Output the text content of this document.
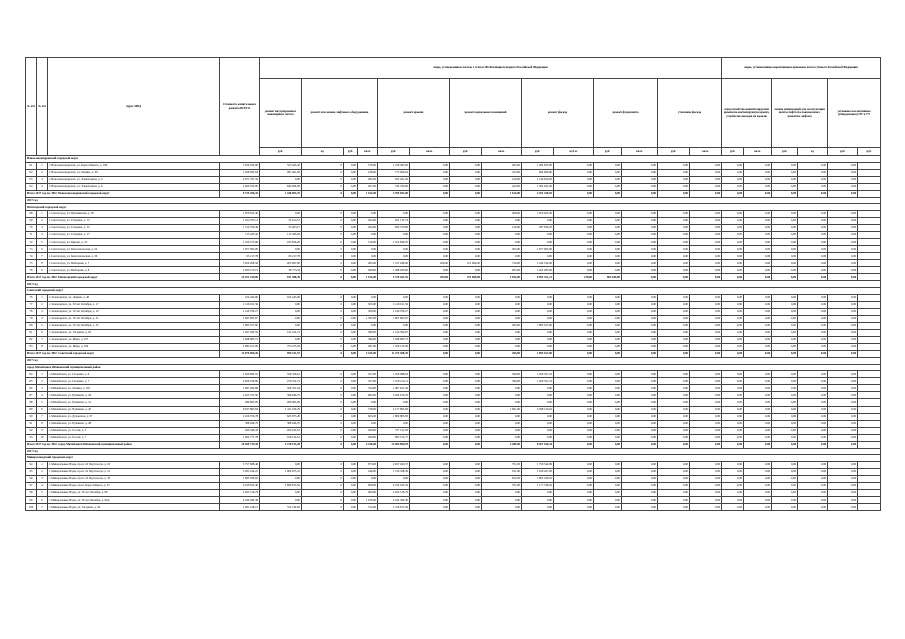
№ п/п	№ п/п	Адрес МКД	Стоимость капитального ремонта ВСЕГО	виды, установленные частью 1 статьи 166 Жилищного Кодекса Российской Федерации														виды, установленные нормативным правовым актом субъекта Российской Федерации						
				ремонт внутридомовых инженерных систем	ремонт или замена лифтового оборудования			ремонт крыши		ремонт подвальных помещений		ремонт фасада		ремонт фундамента		утепление фасада		переустройство невентилируемой крыши на вентилируемую крышу, устройство выходов на кровлю		замена непригодной для эксплуатации шахты лифта (во взаимосвязи с ремонтом лифтов)		установка коллективных (общедомовых) ПУ и УУ	
				руб.	ед.	руб.	кв.м.	руб.	кв.м.	руб.	кв.м.	руб.	куб.м.	руб.	кв.м.	руб.	кв.м.	руб.	кв.м.	руб.	ед.	руб.	руб.	
Новоалександровский городской округ																								
61	1	г. Новоалександровск, ул. Карла Маркса, д. 180	3 030 032,00	523 445,30	0	0,00	376,00	1 239 365,00	0,00	0,00	465,00	1 284 835,00	0,00	0,00	0,00	0,00	0,00	0,00	0,00	0,00	0,00	0,00		
62	2	г. Новоалександровск, ул. Ленина, д. 60	1 508 995,04	281 461,00	0	0,00	238,00	773 096,04	0,00	0,00	325,00	604 906,00	0,00	0,00	0,00	0,00	0,00	0,00	0,00	0,00	0,00	0,00		
63	3	г. Новоалександровск, ул. Элеваторная, д. 4	2 071 767,32	0,00	0	0,00	282,00	925 261,26	0,00	0,00	410,00	1 146 056,00	0,00	0,00	0,00	0,00	0,00	0,00	0,00	0,00	0,00	0,00		
64	4	г. Новоалександровск, ул. Элеваторная, д. 6	2 460 702,00	644 064,00	0	0,00	267,00	744 709,00	0,00	0,00	422,00	1 302 941,00	0,00	0,00	0,00	0,00	0,00	0,00	0,00	0,00	0,00	0,00		
Итого 2017 год по: МО: Новоалександровский городской округ			9 735 206,35	1 448 093,76	0	0,00	1 164,00	3 785 053,00	0,00	0,00	1 614,00	4 451 330,03	0,00	0,00	0,00	0,00	0,00	0,00	0,00	0,00	0,00	0,00		
2017 год																								
Пятигорский городской округ																								
68	1	г. Светлоград, ул. Пушкинская, д. 50	1 870 925,40	0,00	0	0,00	0,00	0,00	0,00	0,00	408,00	1 870 925,40	0,00	0,00	0,00	0,00	0,00	0,00	0,00	0,00	0,00	0,00		
69	2	г. Светлоград, ул. Гагарина, д. 13	1 104 793,11	53 614,57	0	0,00	294,00	951 135,74	0,00	0,00	0,00	0,00	0,00	0,00	0,00	0,00	0,00	0,00	0,00	0,00	0,00	0,00		
70	3	г. Светлоград, ул. Гагарина, д. 15	1 512 700,46	53 403,17	0	0,00	294,00	994 370,80	0,00	0,00	120,00	287 830,20	0,00	0,00	0,00	0,00	0,00	0,00	0,00	0,00	0,00	0,00		
71	4	г. Светлоград, ул. Гагарина, д. 17	115 443,42	115 443,42	0	0,00	0,00	0,00	0,00	0,00	0,00	0,00	0,00	0,00	0,00	0,00	0,00	0,00	0,00	0,00	0,00	0,00		
72	5	г. Светлоград, ул. Кирова, д. 23	1 320 373,06	245 826,20	0	0,00	316,00	1 102 846,70	0,00	0,00	0,00	0,00	0,00	0,00	0,00	0,00	0,00	0,00	0,00	0,00	0,00	0,00		
73	6	г. Светлоград, ул. Комсомольская, д. 22	1 677 993,00	0,00	0	0,00	0,00	0,00	0,00	0,00	405,00	1 677 993,00	0,00	0,00	0,00	0,00	0,00	0,00	0,00	0,00	0,00	0,00		
74	7	г. Светлоград, ул. Комсомольская, д. 36	63 217,78	63 217,78	0	0,00	0,00	0,00	0,00	0,00	0,00	0,00	0,00	0,00	0,00	0,00	0,00	0,00	0,00	0,00	0,00	0,00		
75	8	г. Светлоград, ул. Выборная, д. 7	3 050 208,56	263 697,00	0	0,00	485,00	1 317 048,00	209,00	471 669,00	720,00	1 434 532,00	0,00	0,00	0,00	0,00	0,00	0,00	0,00	0,00	0,00	0,00		
76	9	г. Светлоград, ул. Выборная, д. 8	2 950 115,15	39 773,34	0	0,00	499,00	1 488 200,00	0,00	0,00	405,00	1 422 285,00	0,00	0,00	0,00	0,00	0,00	0,00	0,00	0,00	0,00	0,00		
Итого 2017 год по: МО: Пятигорский городской округ			14 101 239,09	931 388,39	0	0,00	1 914,00	5 726 261,92	209,00	471 669,00	2 032,00	6 993 321,21	278,00	604 649,00	0,00	0,00	0,00	0,00	0,00	0,00	0,00	0,00		
2017 год																								
Советский городской округ																								
76	1	г. Зеленокумск, ул. Ленина, д. 40	104 443,00	104 443,00	0	0,00	0,00	0,00	0,00	0,00	0,00	0,00	0,00	0,00	0,00	0,00	0,00	0,00	0,00	0,00	0,00	0,00		
77	2	г. Зеленокумск, ул. 50 лет Октября, д. 17	1 126 011,56	0,00	0	0,00	303,00	1 126 011,56	0,00	0,00	0,00	0,00	0,00	0,00	0,00	0,00	0,00	0,00	0,00	0,00	0,00	0,00		
78	3	г. Зеленокумск, ул. 50 лет Октября, д. 19	1 140 709,27	0,00	0	0,00	309,00	1 140 709,27	0,00	0,00	0,00	0,00	0,00	0,00	0,00	0,00	0,00	0,00	0,00	0,00	0,00	0,00		
79	4	г. Зеленокумск, ул. 50 лет Октября, д. 21	1 697 665,87	0,00	0	0,00	1 395,00	1 697 665,87	0,00	0,00	0,00	0,00	0,00	0,00	0,00	0,00	0,00	0,00	0,00	0,00	0,00	0,00		
80	5	г. Зеленокумск, ул. 50 лет Октября, д. 35	1 895 167,60	0,00	0	0,00	0,00	0,00	0,00	0,00	495,00	1 895 167,60	0,00	0,00	0,00	0,00	0,00	0,00	0,00	0,00	0,00	0,00		
81	6	г. Зеленокумск, ул. Гагарина, д. 63	1 267 495,59	141 102,72	0	0,00	386,00	1 126 394,87	0,00	0,00	0,00	0,00	0,00	0,00	0,00	0,00	0,00	0,00	0,00	0,00	0,00	0,00		
82	7	г. Зеленокумск, ул. Мира, д. 107	1 648 985,73	0,00	0	0,00	396,00	1 648 985,73	0,00	0,00	0,00	0,00	0,00	0,00	0,00	0,00	0,00	0,00	0,00	0,00	0,00	0,00		
83	8	г. Зеленокумск, ул. Мира, д. 109	2 082 611,99	753 475,43	0	0,00	481,00	1 329 135,96	0,00	0,00	0,00	0,00	0,00	0,00	0,00	0,00	0,00	0,00	0,00	0,00	0,00	0,00		
Итого 2017 год по: МО: Советский городской округ			13 079 066,39	999 221,57	0	0,00	3 325,00	11 275 308,76	0,00	0,00	495,00	1 895 167,60	0,00	0,00	0,00	0,00	0,00	0,00	0,00	0,00	0,00	0,00		
2017 год																								
город Михайловск Шпаковский муниципальный район																								
84	1	г. Михайловск, ул. Гагарина, д. 6	2 026 064,52	526 356,61	0	0,00	327,00	1 189 088,04	0,00	0,00	396,00	1 209 351,22	0,00	0,00	0,00	0,00	0,00	0,00	0,00	0,00	0,00	0,00		
85	2	г. Михайловск, ул. Гагарина, д. 7	2 620 230,09	270 552,74	0	0,00	327,00	1 109 154,11	0,00	0,00	396,00	1 209 351,22	0,00	0,00	0,00	0,00	0,00	0,00	0,00	0,00	0,00	0,00		
86	3	г. Михайловск, ул. Ленина, д. 165	1 987 282,80	509 761,94	0	0,00	554,00	1 487 621,36	0,00	0,00	0,00	0,00	0,00	0,00	0,00	0,00	0,00	0,00	0,00	0,00	0,00	0,00		
87	4	г. Михайловск, ул. Пушкина, д. 29	2 423 372,50	398 946,70	0	0,00	682,00	2 024 676,70	0,00	0,00	0,00	0,00	0,00	0,00	0,00	0,00	0,00	0,00	0,00	0,00	0,00	0,00		
88	5	г. Михайловск, ул. Пушкина, д. 31	289 965,09	289 965,09	0	0,00	0,00	0,00	0,00	0,00	0,00	0,00	0,00	0,00	0,00	0,00	0,00	0,00	0,00	0,00	0,00	0,00		
89	6	г. Михайловск, ул. Пушкина, д. 45	6 637 865,84	1 411 916,70	0	0,00	738,00	2 177 803,84	0,00	0,00	1 691,00	3 048 126,02	0,00	0,00	0,00	0,00	0,00	0,00	0,00	0,00	0,00	0,00		
90	7	г. Михайловск, ул. Духовская, д. 97	2 106 700,78	625 075,20	0	0,00	665,00	1 800 885,83	0,00	0,00	0,00	0,00	0,00	0,00	0,00	0,00	0,00	0,00	0,00	0,00	0,00	0,00		
91	8	г. Михайловск, ул. Пушкина, д. 48	388 946,70	388 946,70	0	0,00	0,00	0,00	0,00	0,00	0,00	0,00	0,00	0,00	0,00	0,00	0,00	0,00	0,00	0,00	0,00	0,00		
92	9	г. Михайловск, ул. Гоголя, д. 5	946 346,44	209 224,61	0	0,00	269,00	737 121,83	0,00	0,00	0,00	0,00	0,00	0,00	0,00	0,00	0,00	0,00	0,00	0,00	0,00	0,00		
93	10	г. Михайловск, ул. Гоголя, д. 7	1 062 777,78	169 124,61	0	0,00	269,00	893 152,77	0,00	0,00	0,00	0,00	0,00	0,00	0,00	0,00	0,00	0,00	0,00	0,00	0,00	0,00		
Итого 2017 год по: МО: город Михайловск Шпаковский муниципальный район			20 569 739,45	4 728 513,28	0	0,00	4 438,00	13 569 806,78	0,00	0,00	2 489,00	8 267 520,44	0,00	0,00	0,00	0,00	0,00	0,00	0,00	0,00	0,00	0,00		
2017 год																								
Минераловодский городской округ																								
94	1	г. Минеральные Воды, пр-кт. 22 Партсъезда, д. 10	3 757 688,46	0,00	0	0,00	873,00	2 027 945,57	0,00	0,00	701,00	1 759 542,89	0,00	0,00	0,00	0,00	0,00	0,00	0,00	0,00	0,00	0,00		
95	2	г. Минеральные Воды, пр-кт. 22 Партсъезда, д. 12	5 285 224,25	1 004 875,41	0	0,00	446,00	1 519 328,39	0,00	0,00	811,00	1 818 427,00	0,00	0,00	0,00	0,00	0,00	0,00	0,00	0,00	0,00	0,00		
96	3	г. Минеральные Воды, пр-кт. 22 Партсъезда, д. 33	1 895 189,02	0,00	0	0,00	0,00	0,00	0,00	0,00	652,00	1 895 189,02	0,00	0,00	0,00	0,00	0,00	0,00	0,00	0,00	0,00	0,00		
97	4	г. Минеральные Воды, пр-кт. Карла Маркса, д. 47	6 190 925,40	2 899 672,81	0	0,00	908,00	2 014 165,34	0,00	0,00	701,00	1 177 336,02	0,00	0,00	0,00	0,00	0,00	0,00	0,00	0,00	0,00	0,00		
98	5	г. Минеральные Воды, ул. 50 лет Октября, д. 89	2 023 516,79	0,00	0	0,00	906,00	2 023 516,79	0,00	0,00	0,00	0,00	0,00	0,00	0,00	0,00	0,00	0,00	0,00	0,00	0,00	0,00		
99	6	г. Минеральные Воды, ул. 50 лет Октября, д. 99А	2 244 584,30	0,00	0	0,00	1 076,00	2 244 584,30	0,00	0,00	0,00	0,00	0,00	0,00	0,00	0,00	0,00	0,00	0,00	0,00	0,00	0,00		
100	7	г. Минеральные Воды, ул. Гагарина, д. 59	1 991 418,21	574 744,82	0	0,00	722,00	1 416 673,39	0,00	0,00	0,00	0,00	0,00	0,00	0,00	0,00	0,00	0,00	0,00	0,00	0,00	0,00		
